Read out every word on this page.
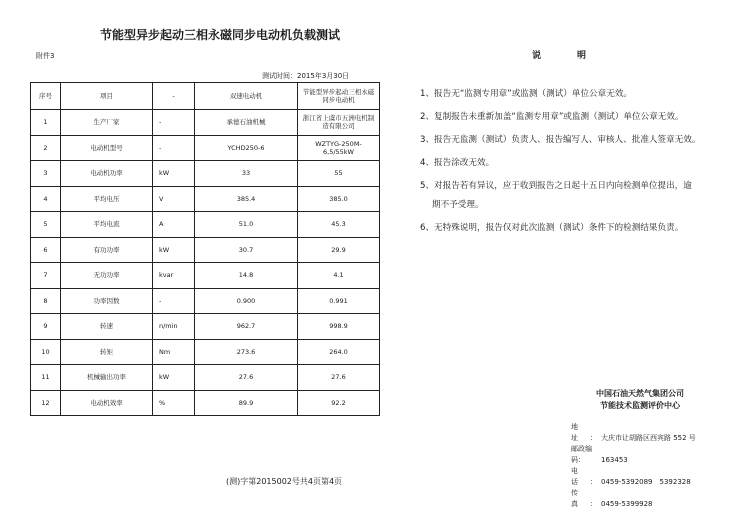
节能型异步起动三相永磁同步电动机负载测试
附件3
测试时间：2015年3月30日
序号	项目	-	双速电动机	节能型异步起动三相永磁同步电动机
1	生产厂家	-	承德石油机械	浙江省上虞市五洲电机制造有限公司
2	电动机型号	-	YCHD250-6	WZTYG-250M-6,5/55kW
3	电动机功率	kW	33	55
4	平均电压	V	385.4	385.0
5	平均电流	A	51.0	45.3
6	有功功率	kW	30.7	29.9
7	无功功率	kvar	14.8	4.1
8	功率因数	-	0.900	0.991
9	转速	n/min	962.7	998.9
10	转矩	Nm	273.6	264.0
11	机械输出功率	kW	27.6	27.6
12	电动机效率	%	89.9	92.2
(测)字第2015002号共4页第4页
说明
1、报告无“监测专用章”或监测（测试）单位公章无效。
2、复制报告未重新加盖“监测专用章”或监测（测试）单位公章无效。
3、报告无监测（测试）负责人、报告编写人、审核人、批准人签章无效。
4、报告涂改无效。
5、对报告若有异议，应于收到报告之日起十五日内向检测单位提出，逾
期不予受理。
6、无特殊说明，报告仅对此次监测（测试）条件下的检测结果负责。
中国石油天然气集团公司
节能技术监测评价中心
地址：大庆市让胡路区西宾路 552 号
邮政编码： 163453
电话：0459-5392089　5392328
传真：0459-5399928
